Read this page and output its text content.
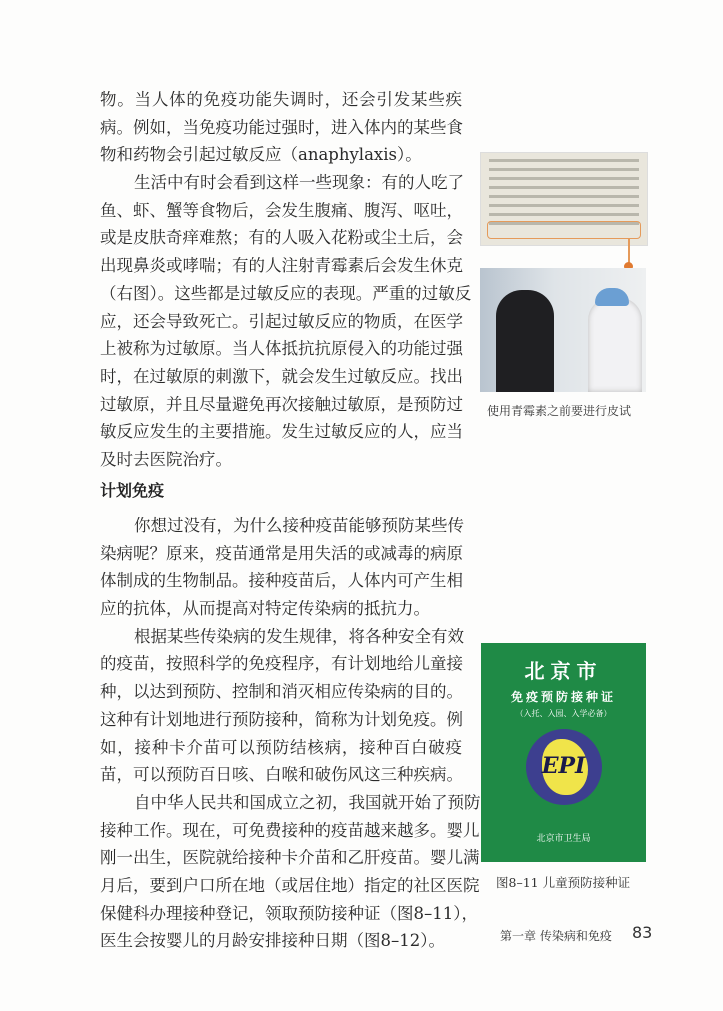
物。当人体的免疫功能失调时，还会引发某些疾
病。例如，当免疫功能过强时，进入体内的某些食
物和药物会引起过敏反应（anaphylaxis）。
生活中有时会看到这样一些现象：有的人吃了
鱼、虾、蟹等食物后，会发生腹痛、腹泻、呕吐，
或是皮肤奇痒难熬；有的人吸入花粉或尘土后，会
出现鼻炎或哮喘；有的人注射青霉素后会发生休克
（右图）。这些都是过敏反应的表现。严重的过敏反
应，还会导致死亡。引起过敏反应的物质，在医学
上被称为过敏原。当人体抵抗抗原侵入的功能过强
时，在过敏原的刺激下，就会发生过敏反应。找出
过敏原，并且尽量避免再次接触过敏原，是预防过
敏反应发生的主要措施。发生过敏反应的人，应当
及时去医院治疗。
计划免疫
你想过没有，为什么接种疫苗能够预防某些传
染病呢？原来，疫苗通常是用失活的或减毒的病原
体制成的生物制品。接种疫苗后，人体内可产生相
应的抗体，从而提高对特定传染病的抵抗力。
根据某些传染病的发生规律，将各种安全有效
的疫苗，按照科学的免疫程序，有计划地给儿童接
种，以达到预防、控制和消灭相应传染病的目的。
这种有计划地进行预防接种，简称为计划免疫。例
如，接种卡介苗可以预防结核病，接种百白破疫
苗，可以预防百日咳、白喉和破伤风这三种疾病。
自中华人民共和国成立之初，我国就开始了预防
接种工作。现在，可免费接种的疫苗越来越多。婴儿
刚一出生，医院就给接种卡介苗和乙肝疫苗。婴儿满
月后，要到户口所在地（或居住地）指定的社区医院
保健科办理接种登记，领取预防接种证（图8–11），
医生会按婴儿的月龄安排接种日期（图8–12）。
使用青霉素之前要进行皮试
北京市
免疫预防接种证
（入托、入园、入学必备）
EPI
北京市卫生局
图8–11 儿童预防接种证
第一章 传染病和免疫 83
